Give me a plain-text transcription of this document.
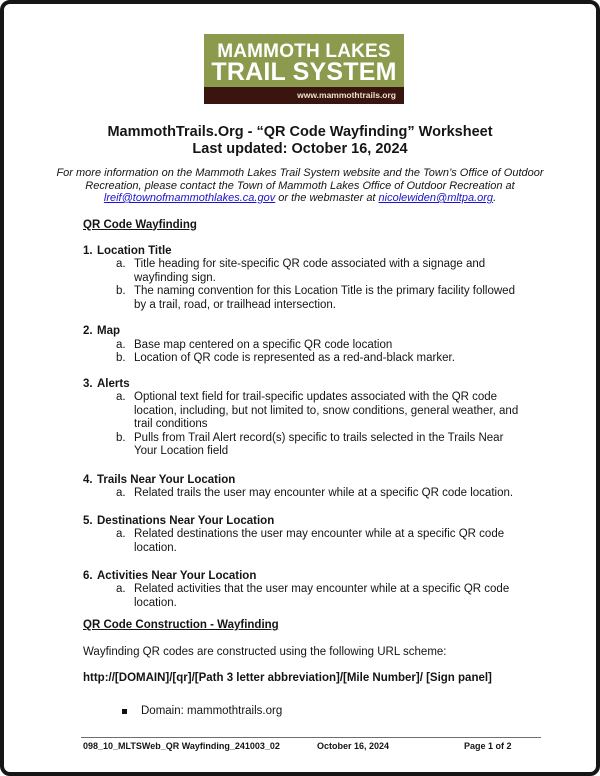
MAMMOTH LAKES
TRAIL SYSTEM
www.mammothtrails.org
MammothTrails.Org - “QR Code Wayfinding” Worksheet
Last updated: October 16, 2024
For more information on the Mammoth Lakes Trail System website and the Town’s Office of Outdoor
Recreation, please contact the Town of Mammoth Lakes Office of Outdoor Recreation at
lreif@townofmammothlakes.ca.gov or the webmaster at nicolewiden@mltpa.org.
QR Code Wayfinding
1. Location Title
a. Title heading for site-specific QR code associated with a signage and
wayfinding sign.
b. The naming convention for this Location Title is the primary facility followed
by a trail, road, or trailhead intersection.
2. Map
a. Base map centered on a specific QR code location
b. Location of QR code is represented as a red-and-black marker.
3. Alerts
a. Optional text field for trail-specific updates associated with the QR code
location, including, but not limited to, snow conditions, general weather, and
trail conditions
b. Pulls from Trail Alert record(s) specific to trails selected in the Trails Near
Your Location field
4. Trails Near Your Location
a. Related trails the user may encounter while at a specific QR code location.
5. Destinations Near Your Location
a. Related destinations the user may encounter while at a specific QR code
location.
6. Activities Near Your Location
a. Related activities that the user may encounter while at a specific QR code
location.
QR Code Construction - Wayfinding
Wayfinding QR codes are constructed using the following URL scheme:
http://[DOMAIN]/[qr]/[Path 3 letter abbreviation]/[Mile Number]/ [Sign panel]
Domain: mammothtrails.org
098_10_MLTSWeb_QR Wayfinding_241003_02	October 16, 2024	Page 1 of 2
